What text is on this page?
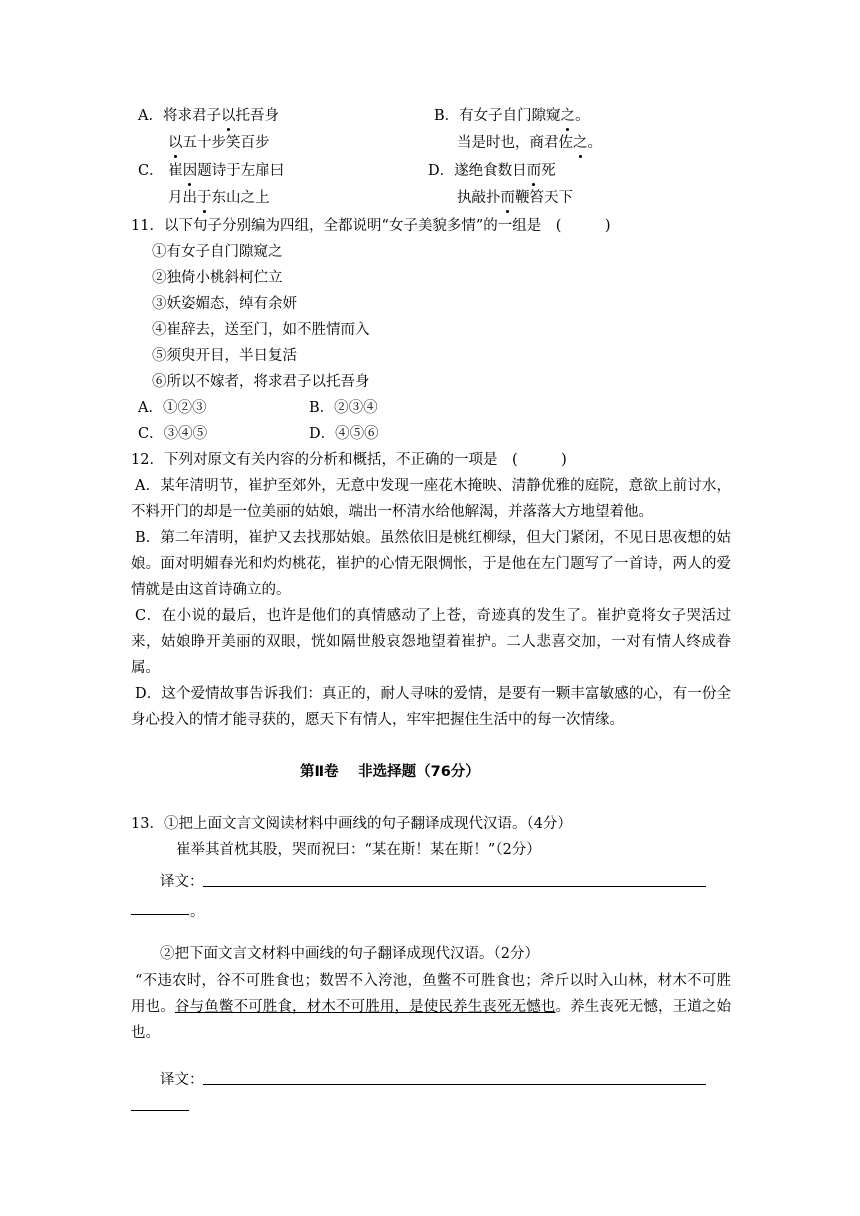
A．将求君子以托吾身
以五十步笑百步
B．有女子自门隙窥之。
当是时也，商君佐之。
C． 崔因题诗于左扉曰
月出于东山之上
D．遂绝食数日而死
执敲扑而鞭笞天下
11．以下句子分别编为四组，全都说明“女子美貌多情”的一组是　(　　　)
①有女子自门隙窥之
②独倚小桃斜柯伫立
③妖姿媚态，绰有余妍
④崔辞去，送至门，如不胜情而入
⑤须臾开目，半日复活
⑥所以不嫁者，将求君子以托吾身
A．①②③	B．②③④
C．③④⑤	D．④⑤⑥
12．下列对原文有关内容的分析和概括，不正确的一项是　(　　　)
A．某年清明节，崔护至郊外，无意中发现一座花木掩映、清静优雅的庭院，意欲上前讨水，不料开门的却是一位美丽的姑娘，端出一杯清水给他解渴，并落落大方地望着他。
B．第二年清明，崔护又去找那姑娘。虽然依旧是桃红柳绿，但大门紧闭，不见日思夜想的姑娘。面对明媚春光和灼灼桃花，崔护的心情无限惆怅，于是他在左门题写了一首诗，两人的爱情就是由这首诗确立的。
C．在小说的最后，也许是他们的真情感动了上苍，奇迹真的发生了。崔护竟将女子哭活过来，姑娘睁开美丽的双眼，恍如隔世般哀怨地望着崔护。二人悲喜交加，一对有情人终成眷属。
D．这个爱情故事告诉我们：真正的，耐人寻味的爱情，是要有一颗丰富敏感的心，有一份全身心投入的情才能寻获的，愿天下有情人，牢牢把握住生活中的每一次情缘。
第Ⅱ卷　 非选择题（76分）
13．①把上面文言文阅读材料中画线的句子翻译成现代汉语。（4分）
崔举其首枕其股，哭而祝曰：“某在斯！某在斯！”（2分）
译文：
。
②把下面文言文材料中画线的句子翻译成现代汉语。（2分）
“不违农时，谷不可胜食也；数罟不入洿池，鱼鳖不可胜食也；斧斤以时入山林，材木不可胜用也。谷与鱼鳖不可胜食，材木不可胜用，是使民养生丧死无憾也。养生丧死无憾，王道之始也。
译文：
